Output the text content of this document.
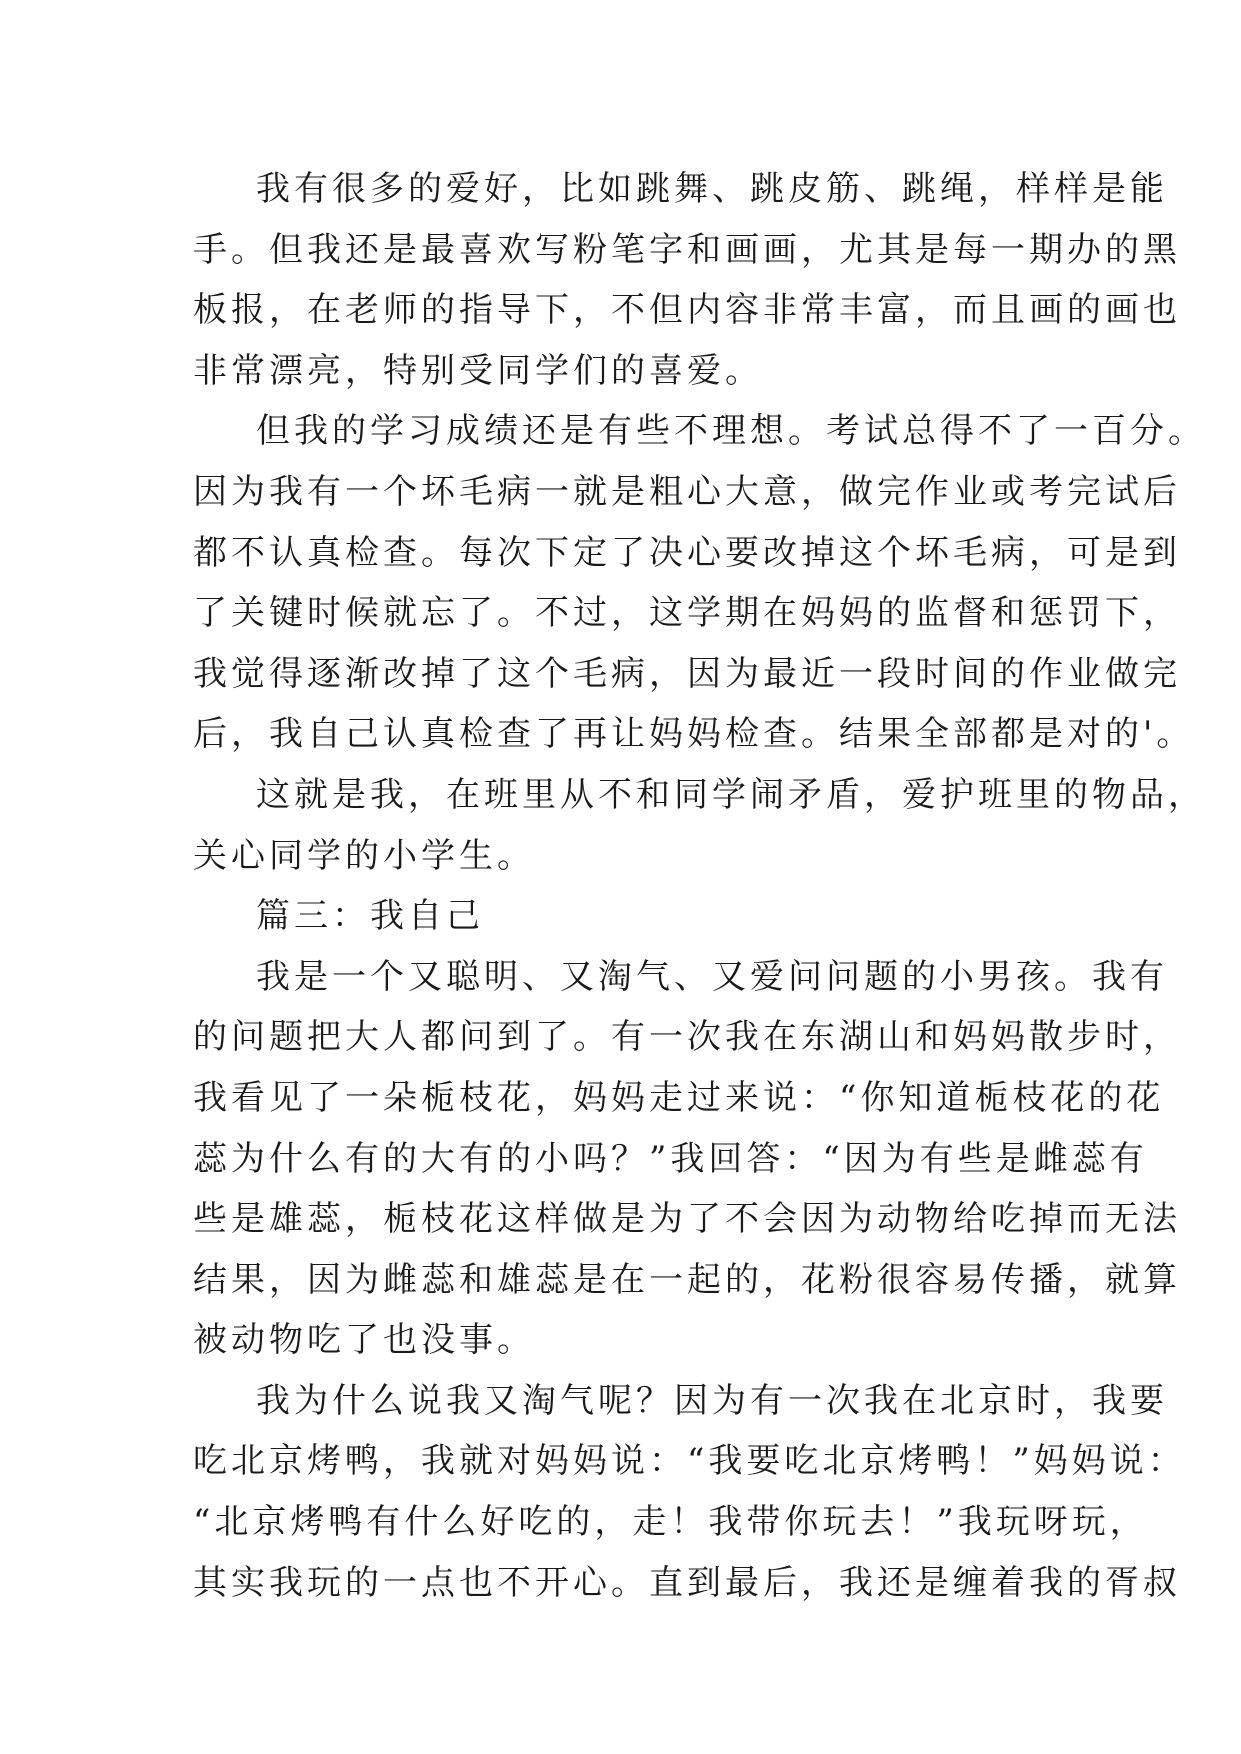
我有很多的爱好，比如跳舞、跳皮筋、跳绳，样样是能
手。但我还是最喜欢写粉笔字和画画，尤其是每一期办的黑
板报，在老师的指导下，不但内容非常丰富，而且画的画也
非常漂亮，特别受同学们的喜爱。
但我的学习成绩还是有些不理想。考试总得不了一百分。
因为我有一个坏毛病一就是粗心大意，做完作业或考完试后
都不认真检查。每次下定了决心要改掉这个坏毛病，可是到
了关键时候就忘了。不过，这学期在妈妈的监督和惩罚下，
我觉得逐渐改掉了这个毛病，因为最近一段时间的作业做完
后，我自己认真检查了再让妈妈检查。结果全部都是对的'。
这就是我，在班里从不和同学闹矛盾，爱护班里的物品，
关心同学的小学生。
篇三：我自己
我是一个又聪明、又淘气、又爱问问题的小男孩。我有
的问题把大人都问到了。有一次我在东湖山和妈妈散步时，
我看见了一朵栀枝花，妈妈走过来说：“你知道栀枝花的花
蕊为什么有的大有的小吗？”我回答：“因为有些是雌蕊有
些是雄蕊，栀枝花这样做是为了不会因为动物给吃掉而无法
结果，因为雌蕊和雄蕊是在一起的，花粉很容易传播，就算
被动物吃了也没事。
我为什么说我又淘气呢？因为有一次我在北京时，我要
吃北京烤鸭，我就对妈妈说：“我要吃北京烤鸭！”妈妈说：
“北京烤鸭有什么好吃的，走！我带你玩去！”我玩呀玩，
其实我玩的一点也不开心。直到最后，我还是缠着我的胥叔
